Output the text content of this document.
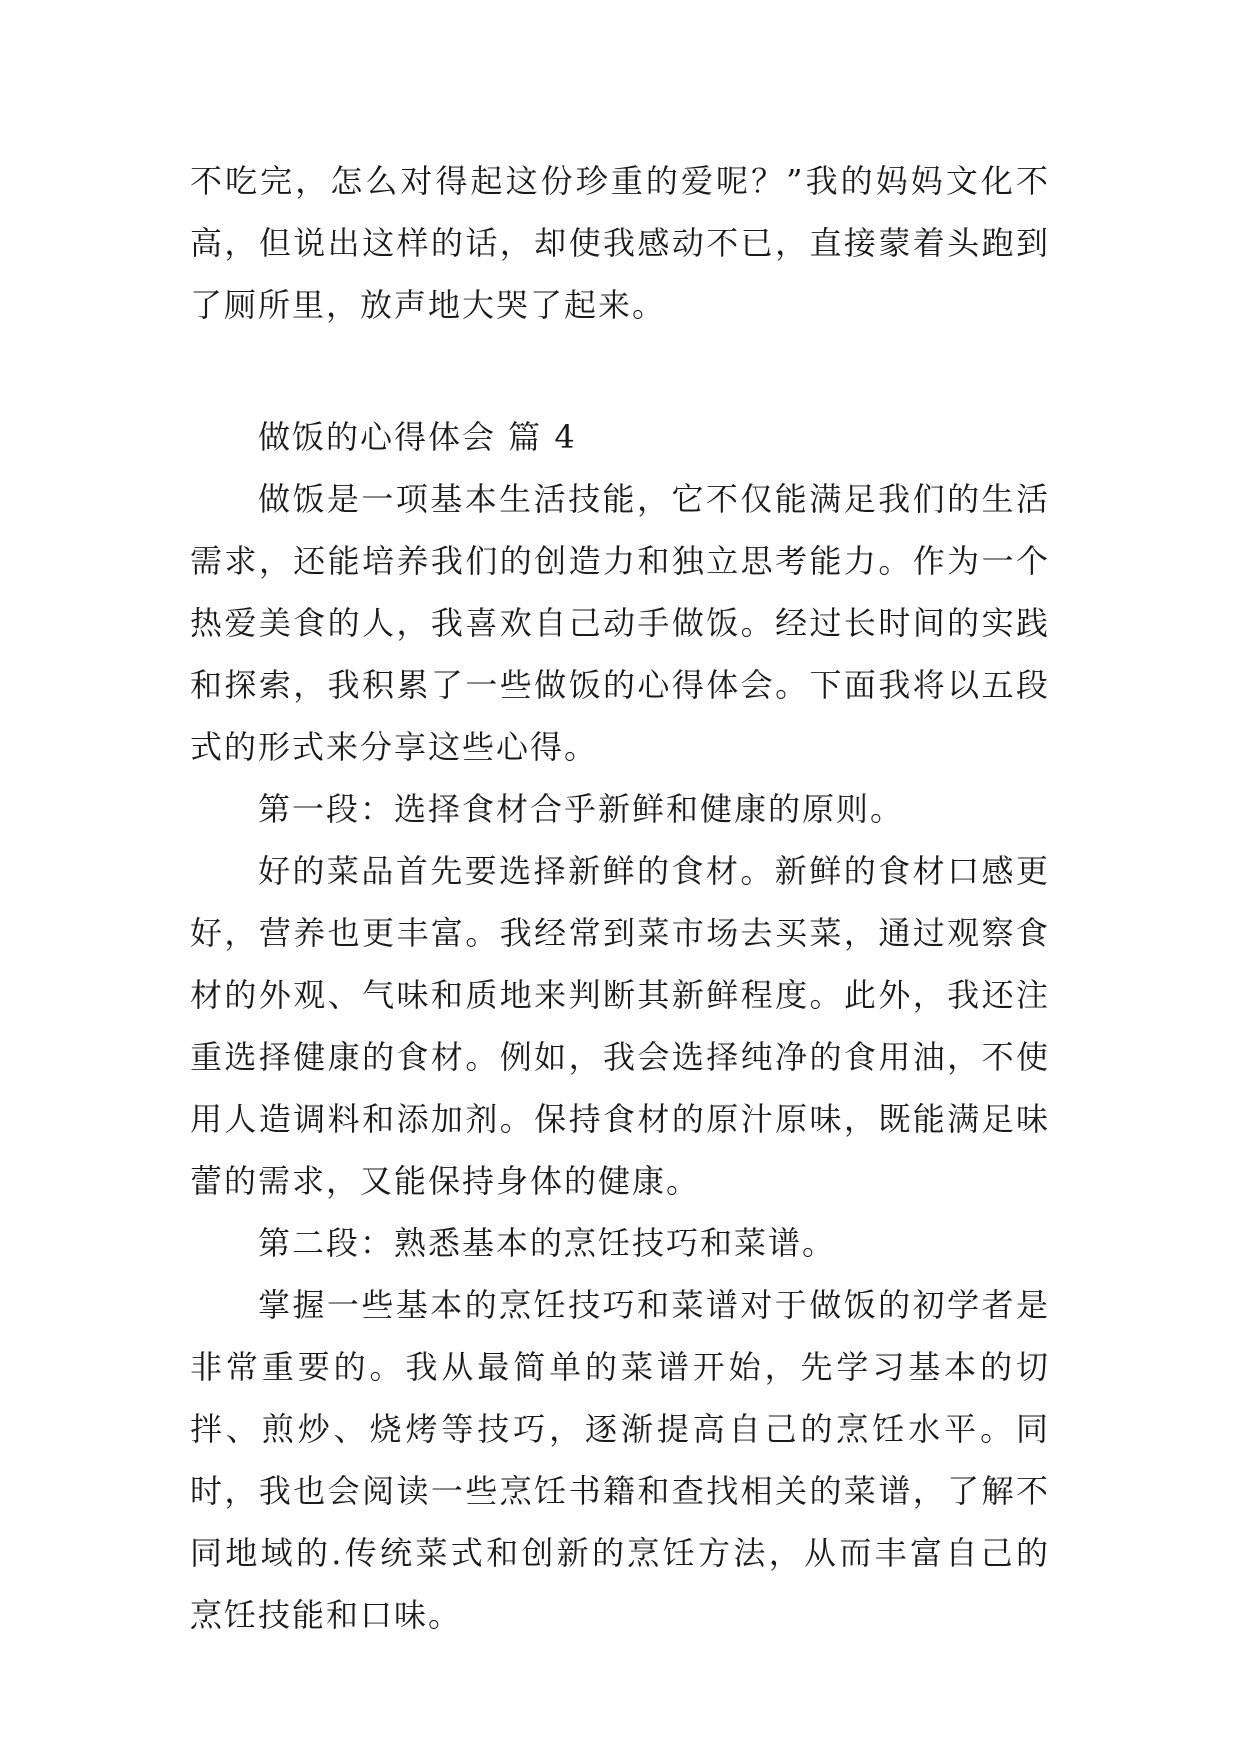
不吃完，怎么对得起这份珍重的爱呢？”我的妈妈文化不高，但说出这样的话，却使我感动不已，直接蒙着头跑到了厕所里，放声地大哭了起来。

做饭的心得体会 篇 4

做饭是一项基本生活技能，它不仅能满足我们的生活需求，还能培养我们的创造力和独立思考能力。作为一个热爱美食的人，我喜欢自己动手做饭。经过长时间的实践和探索，我积累了一些做饭的心得体会。下面我将以五段式的形式来分享这些心得。

第一段：选择食材合乎新鲜和健康的原则。

好的菜品首先要选择新鲜的食材。新鲜的食材口感更好，营养也更丰富。我经常到菜市场去买菜，通过观察食材的外观、气味和质地来判断其新鲜程度。此外，我还注重选择健康的食材。例如，我会选择纯净的食用油，不使用人造调料和添加剂。保持食材的原汁原味，既能满足味蕾的需求，又能保持身体的健康。

第二段：熟悉基本的烹饪技巧和菜谱。

掌握一些基本的烹饪技巧和菜谱对于做饭的初学者是非常重要的。我从最简单的菜谱开始，先学习基本的切拌、煎炒、烧烤等技巧，逐渐提高自己的烹饪水平。同时，我也会阅读一些烹饪书籍和查找相关的菜谱，了解不同地域的.传统菜式和创新的烹饪方法，从而丰富自己的烹饪技能和口味。
